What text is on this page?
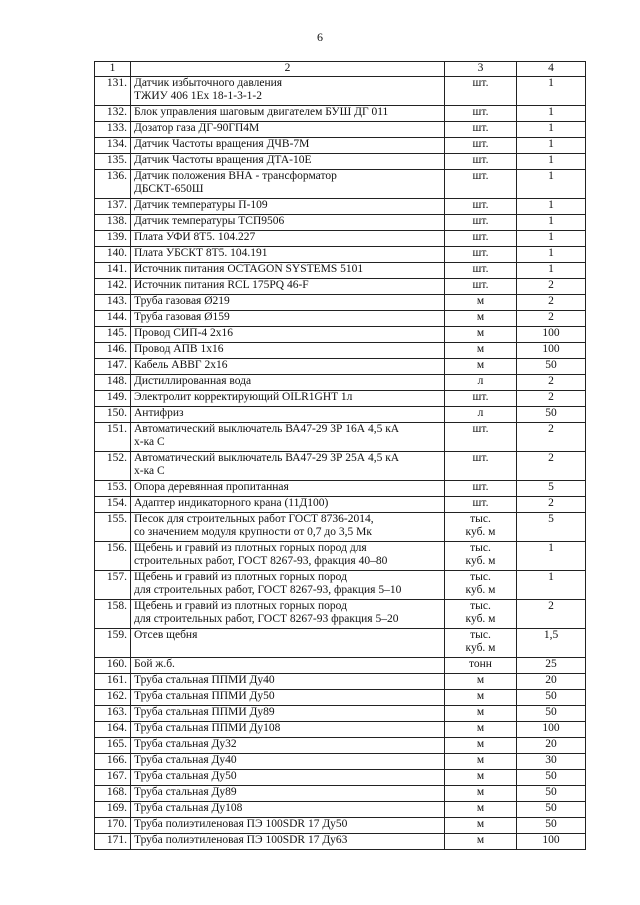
6
1	2	3	4
131.	Датчик избыточного давления
ТЖИУ 406 1Ex 18-1-3-1-2	шт.	1
132.	Блок управления шаговым двигателем БУШ ДГ 011	шт.	1
133.	Дозатор газа ДГ-90ГП4М	шт.	1
134.	Датчик Частоты вращения ДЧВ-7М	шт.	1
135.	Датчик Частоты вращения ДТА-10Е	шт.	1
136.	Датчик положения ВНА - трансформатор
ДБСКТ-650Ш	шт.	1
137.	Датчик температуры П-109	шт.	1
138.	Датчик температуры ТСП9506	шт.	1
139.	Плата УФИ 8Т5. 104.227	шт.	1
140.	Плата УБСКТ 8Т5. 104.191	шт.	1
141.	Источник питания OCTAGON SYSTEMS 5101	шт.	1
142.	Источник питания RCL 175PQ 46-F	шт.	2
143.	Труба газовая Ø219	м	2
144.	Труба газовая Ø159	м	2
145.	Провод СИП-4 2х16	м	100
146.	Провод АПВ 1х16	м	100
147.	Кабель АВВГ 2х16	м	50
148.	Дистиллированная вода	л	2
149.	Электролит корректирующий OILR1GHT 1л	шт.	2
150.	Антифриз	л	50
151.	Автоматический выключатель ВА47-29 3Р 16А 4,5 кА
х-ка С	шт.	2
152.	Автоматический выключатель ВА47-29 3Р 25А 4,5 кА
х-ка С	шт.	2
153.	Опора деревянная пропитанная	шт.	5
154.	Адаптер индикаторного крана (11Д100)	шт.	2
155.	Песок для строительных работ ГОСТ 8736-2014,
со значением модуля крупности от 0,7 до 3,5 Мк	тыс.
куб. м	5
156.	Щебень и гравий из плотных горных пород для
строительных работ, ГОСТ 8267-93, фракция 40–80	тыс.
куб. м	1
157.	Щебень и гравий из плотных горных пород
для строительных работ, ГОСТ 8267-93, фракция 5–10	тыс.
куб. м	1
158.	Щебень и гравий из плотных горных пород
для строительных работ, ГОСТ 8267-93 фракция 5–20	тыс.
куб. м	2
159.	Отсев щебня	тыс.
куб. м	1,5
160.	Бой ж.б.	тонн	25
161.	Труба стальная ППМИ Ду40	м	20
162.	Труба стальная ППМИ Ду50	м	50
163.	Труба стальная ППМИ Ду89	м	50
164.	Труба стальная ППМИ Ду108	м	100
165.	Труба стальная Ду32	м	20
166.	Труба стальная Ду40	м	30
167.	Труба стальная Ду50	м	50
168.	Труба стальная Ду89	м	50
169.	Труба стальная Ду108	м	50
170.	Труба полиэтиленовая ПЭ 100SDR 17 Ду50	м	50
171.	Труба полиэтиленовая ПЭ 100SDR 17 Ду63	м	100
